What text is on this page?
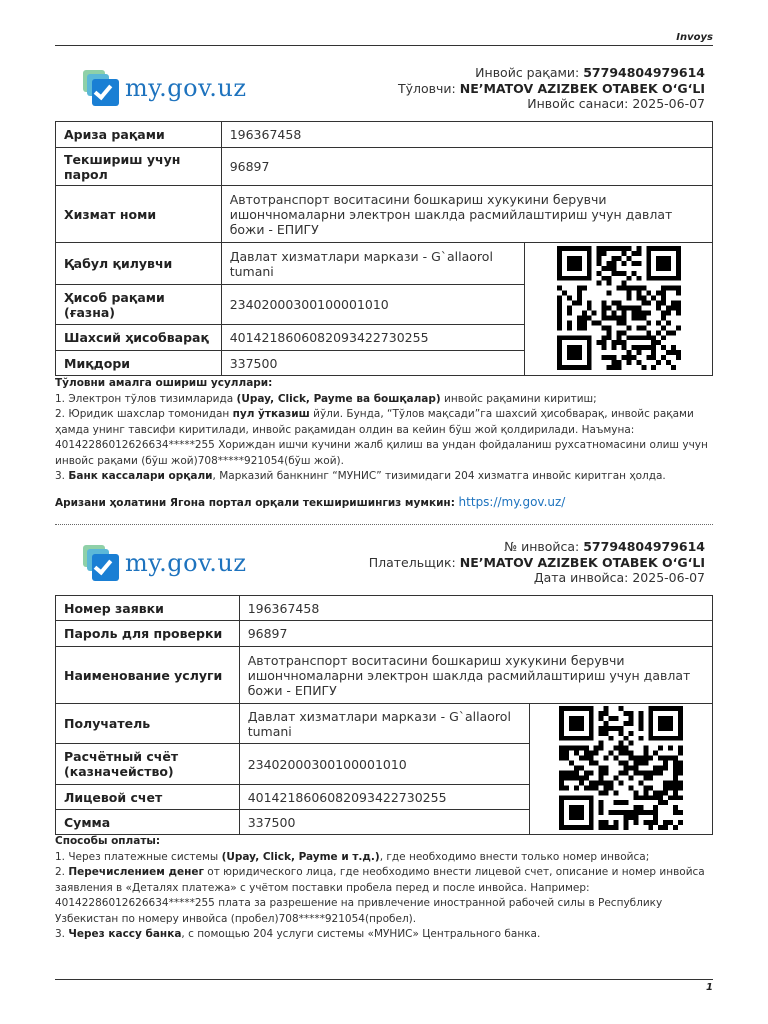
Invoys
my.gov.uz
Инвойс рақами: 57794804979614
Тўловчи: NE’MATOV AZIZBEK OTABEK O‘G‘LI
Инвойс санаси: 2025-06-07
Ариза рақами	196367458	
Текшириш учун парол	96897	
Хизмат номи	Автотранспорт воситасини бошкариш хукукини берувчи ишончномаларни электрон шаклда расмийлаштириш учун давлат божи - ЕПИГУ	
Қабул қилувчи	Давлат хизматлари маркази - G`allaorol tumani	
Ҳисоб рақами (ғазна)	23402000300100001010	
Шахсий ҳисобварақ	401421860608209342273025​5	
Миқдори	337500	
Тўловни амалга ошириш усуллари:
1. Электрон тўлов тизимларида (Upay, Click, Payme ва бошқалар) инвойс рақамини киритиш;
2. Юридик шахслар томонидан пул ўтказиш йўли. Бунда, “Тўлов мақсади”га шахсий ҳисобварақ, инвойс рақами ҳамда унинг тавсифи киритилади, инвойс рақамидан олдин ва кейин бўш жой қолдирилади. Наъмуна: 40142286012626634*****255 Хориждан ишчи кучини жалб қилиш ва ундан фойдаланиш рухсатномасини олиш учун инвойс рақами (бўш жой)708*****921054(бўш жой).
3. Банк кассалари орқали, Марказий банкнинг “МУНИС” тизимидаги 204 хизматга инвойс киритган ҳолда.
Аризани ҳолатини Ягона портал орқали текширишингиз мумкин: https://my.gov.uz/
my.gov.uz
№ инвойса: 57794804979614
Плательщик: NE’MATOV AZIZBEK OTABEK O‘G‘LI
Дата инвойса: 2025-06-07
Номер заявки	196367458	
Пароль для проверки	96897	
Наименование услуги	Автотранспорт воситасини бошкариш хукукини берувчи ишончномаларни электрон шаклда расмийлаштириш учун давлат божи - ЕПИГУ	
Получатель	Давлат хизматлари маркази - G`allaorol tumani	
Расчётный счёт (казначейство)	23402000300100001010	
Лицевой счет	401421860608209342273025​5	
Сумма	337500	
Способы оплаты:
1. Через платежные системы (Upay, Click, Payme и т.д.), где необходимо внести только номер инвойса;
2. Перечислением денег от юридического лица, где необходимо внести лицевой счет, описание и номер инвойса заявления в «Деталях платежа» с учётом поставки пробела перед и после инвойса. Например: 40142286012626634*****255 плата за разрешение на привлечение иностранной рабочей силы в Республику Узбекистан по номеру инвойса (пробел)708*****921054(пробел).
3. Через кассу банка, с помощью 204 услуги системы «МУНИС» Центрального банка.
1
